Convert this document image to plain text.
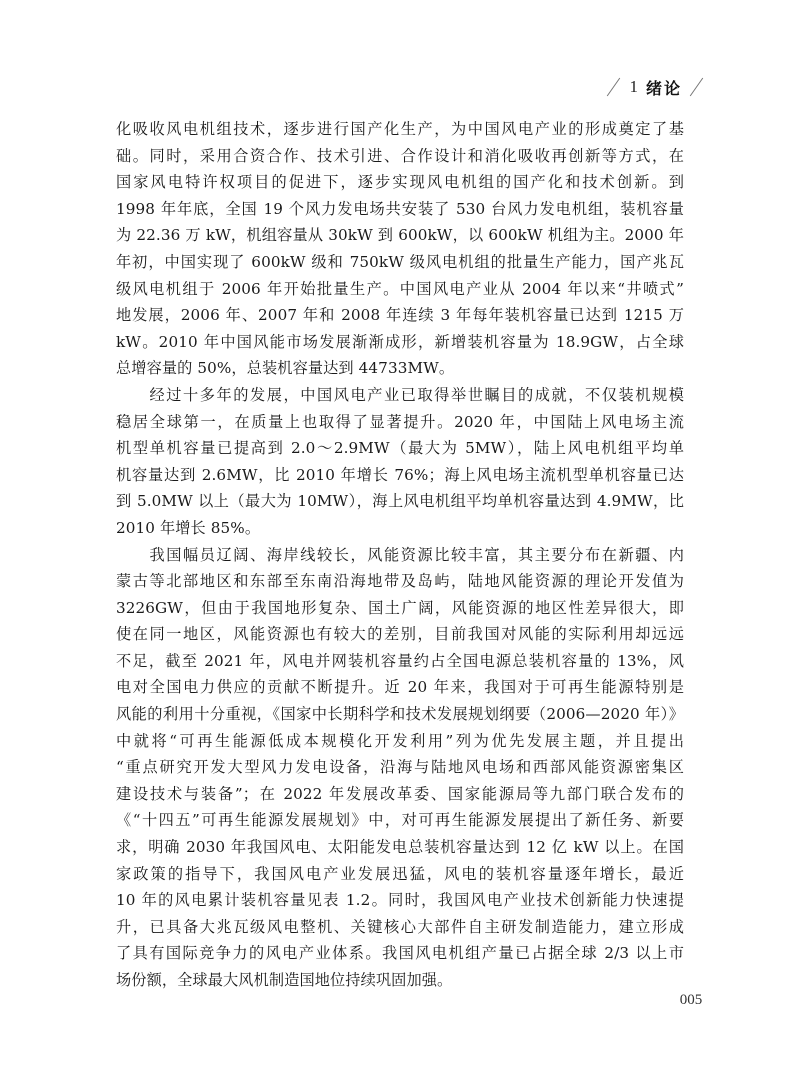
1 绪论
化吸收风电机组技术，逐步进行国产化生产，为中国风电产业的形成奠定了基
础。同时，采用合资合作、技术引进、合作设计和消化吸收再创新等方式，在
国家风电特许权项目的促进下，逐步实现风电机组的国产化和技术创新。到
1998 年年底，全国 19 个风力发电场共安装了 530 台风力发电机组，装机容量
为 22.36 万 kW，机组容量从 30kW 到 600kW，以 600kW 机组为主。2000 年
年初，中国实现了 600kW 级和 750kW 级风电机组的批量生产能力，国产兆瓦
级风电机组于 2006 年开始批量生产。中国风电产业从 2004 年以来“井喷式”
地发展，2006 年、2007 年和 2008 年连续 3 年每年装机容量已达到 1215 万
kW。2010 年中国风能市场发展渐渐成形，新增装机容量为 18.9GW，占全球
总增容量的 50%，总装机容量达到 44733MW。
　　经过十多年的发展，中国风电产业已取得举世瞩目的成就，不仅装机规模
稳居全球第一，在质量上也取得了显著提升。2020 年，中国陆上风电场主流
机型单机容量已提高到 2.0～2.9MW（最大为 5MW），陆上风电机组平均单
机容量达到 2.6MW，比 2010 年增长 76%；海上风电场主流机型单机容量已达
到 5.0MW 以上（最大为 10MW），海上风电机组平均单机容量达到 4.9MW，比
2010 年增长 85%。
　　我国幅员辽阔、海岸线较长，风能资源比较丰富，其主要分布在新疆、内
蒙古等北部地区和东部至东南沿海地带及岛屿，陆地风能资源的理论开发值为
3226GW，但由于我国地形复杂、国土广阔，风能资源的地区性差异很大，即
使在同一地区，风能资源也有较大的差别，目前我国对风能的实际利用却远远
不足，截至 2021 年，风电并网装机容量约占全国电源总装机容量的 13%，风
电对全国电力供应的贡献不断提升。近 20 年来，我国对于可再生能源特别是
风能的利用十分重视，《国家中长期科学和技术发展规划纲要（2006—2020 年）》
中就将“可再生能源低成本规模化开发利用”列为优先发展主题，并且提出
“重点研究开发大型风力发电设备，沿海与陆地风电场和西部风能资源密集区
建设技术与装备”；在 2022 年发展改革委、国家能源局等九部门联合发布的
《“十四五”可再生能源发展规划》中，对可再生能源发展提出了新任务、新要
求，明确 2030 年我国风电、太阳能发电总装机容量达到 12 亿 kW 以上。在国
家政策的指导下，我国风电产业发展迅猛，风电的装机容量逐年增长，最近
10 年的风电累计装机容量见表 1.2。同时，我国风电产业技术创新能力快速提
升，已具备大兆瓦级风电整机、关键核心大部件自主研发制造能力，建立形成
了具有国际竞争力的风电产业体系。我国风电机组产量已占据全球 2/3 以上市
场份额，全球最大风机制造国地位持续巩固加强。
005
